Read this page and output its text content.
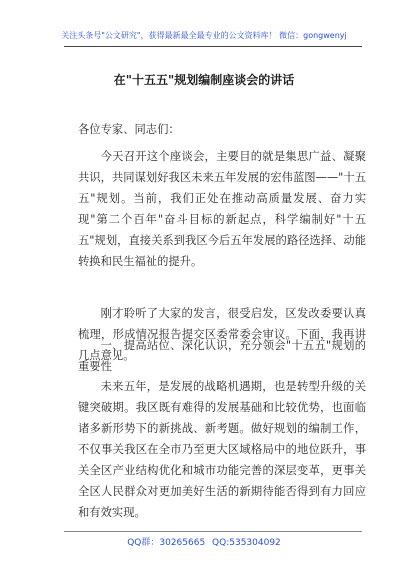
关注头条号"公文研究"，获得最新最全最专业的公文资料库！ 微信：gongwenyj
在"十五五"规划编制座谈会的讲话
各位专家、同志们：

今天召开这个座谈会，主要目的就是集思广益、凝聚共识，共同谋划好我区未来五年发展的宏伟蓝图——"十五五"规划。当前，我们正处在推动高质量发展、奋力实现"第二个百年"奋斗目标的新起点，科学编制好"十五五"规划，直接关系到我区今后五年发展的路径选择、动能转换和民生福祉的提升。

刚才聆听了大家的发言，很受启发，区发改委要认真梳理，形成情况报告提交区委常委会审议。下面，我再讲几点意见。

一、提高站位、深化认识，充分领会"十五五"规划的重要性

未来五年，是发展的战略机遇期，也是转型升级的关键突破期。我区既有难得的发展基础和比较优势，也面临诸多新形势下的新挑战、新考题。做好规划的编制工作，不仅事关我区在全市乃至更大区域格局中的地位跃升，事关全区产业结构优化和城市功能完善的深层变革，更事关全区人民群众对更加美好生活的新期待能否得到有力回应和有效实现。

QQ群：30265665 QQ:535304092
